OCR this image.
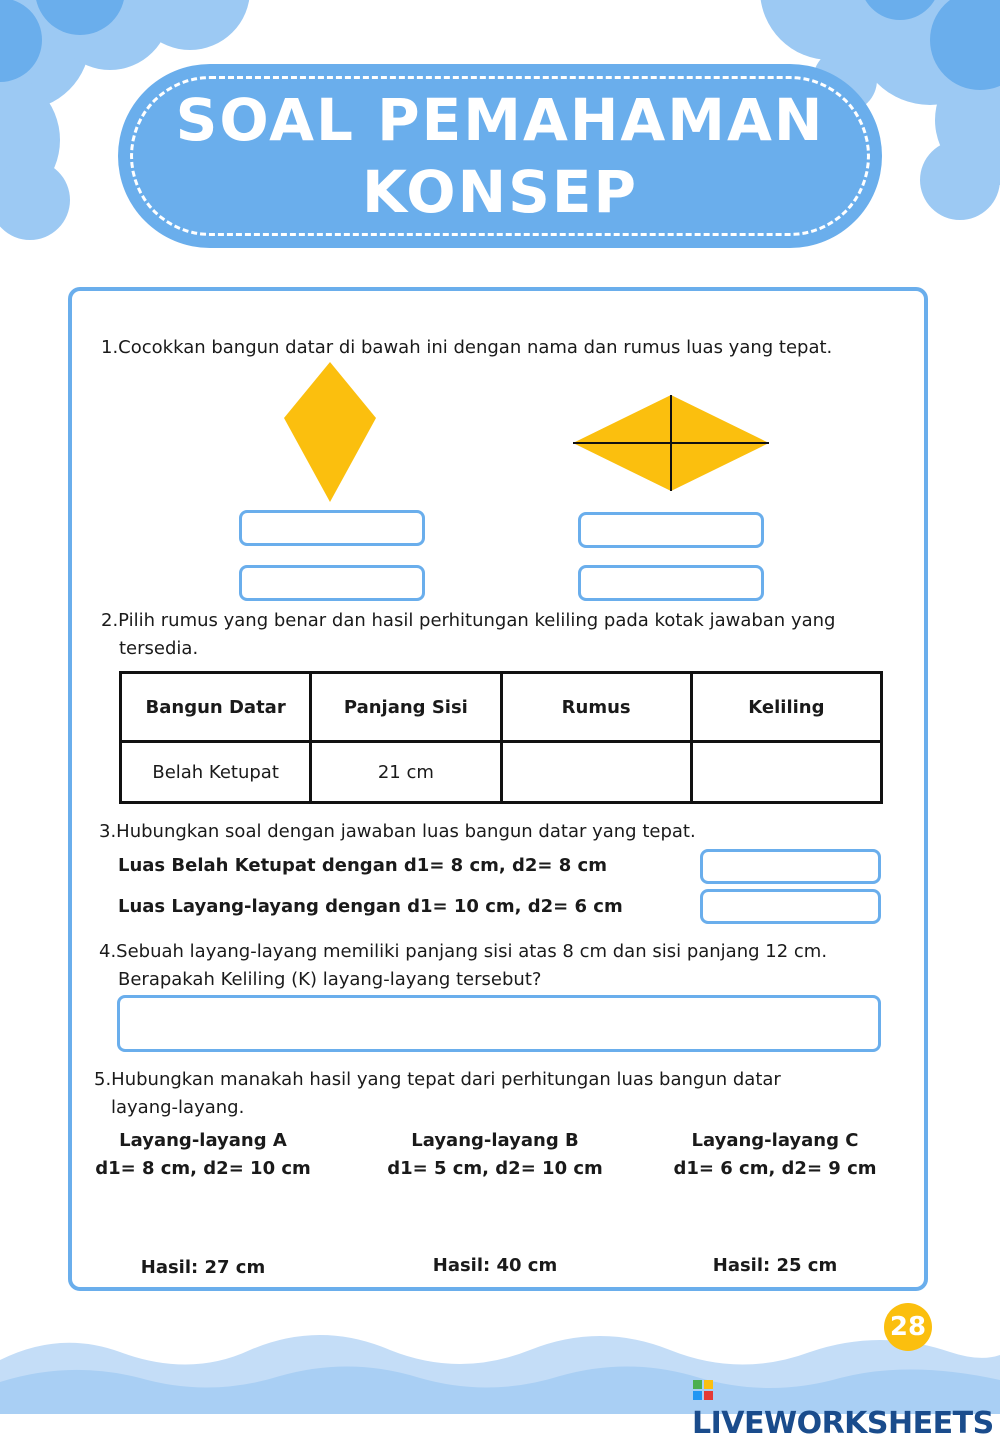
SOAL PEMAHAMAN
KONSEP
1.Cocokkan bangun datar di bawah ini dengan nama dan rumus luas yang tepat.
2.Pilih rumus yang benar dan hasil perhitungan keliling pada kotak jawaban yang
tersedia.
Bangun Datar	Panjang Sisi	Rumus	Keliling
Belah Ketupat	21 cm		
3.Hubungkan soal dengan jawaban luas bangun datar yang tepat.
Luas Belah Ketupat dengan d1= 8 cm, d2= 8 cm
Luas Layang-layang dengan d1= 10 cm, d2= 6 cm
4.Sebuah layang-layang memiliki panjang sisi atas 8 cm dan sisi panjang 12 cm.
Berapakah Keliling (K) layang-layang tersebut?
5.Hubungkan manakah hasil yang tepat dari perhitungan luas bangun datar
layang-layang.
Layang-layang A
d1= 8 cm, d2= 10 cm
Layang-layang B
d1= 5 cm, d2= 10 cm
Layang-layang C
d1= 6 cm, d2= 9 cm
Hasil: 27 cm	Hasil: 40 cm	Hasil: 25 cm
28
LIVEWORKSHEETS
